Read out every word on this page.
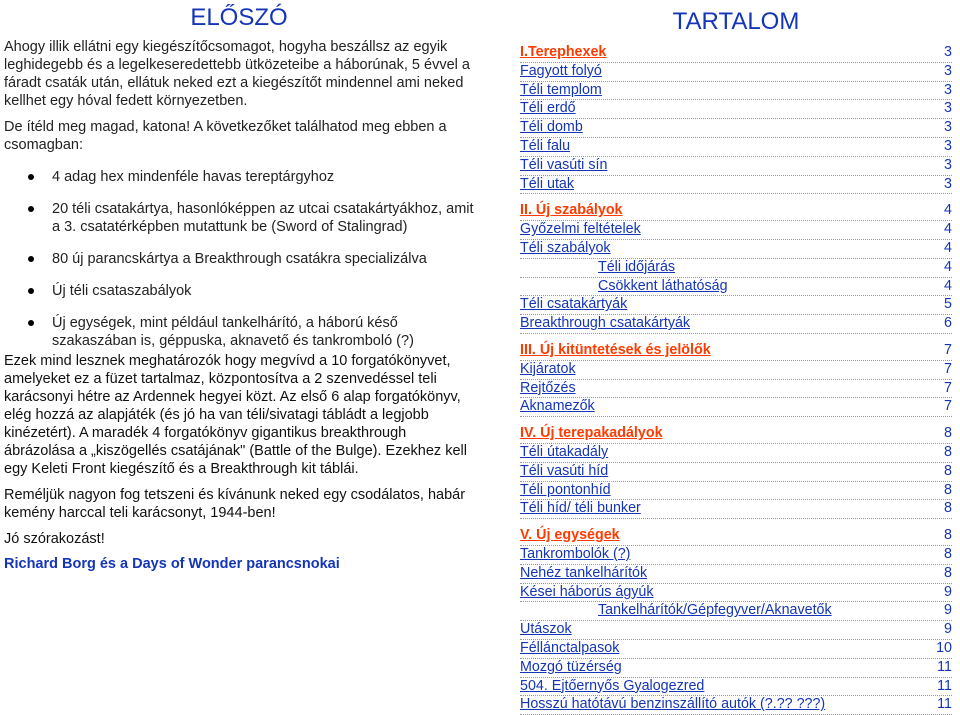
ELŐSZÓ

Ahogy illik ellátni egy kiegészítőcsomagot, hogyha beszállsz az egyik leghidegebb és a legelkeseredettebb ütközeteibe a háborúnak, 5 évvel a fáradt csaták után, ellátuk neked ezt a kiegészítőt mindennel ami neked kellhet egy hóval fedett környezetben.

De ítéld meg magad, katona! A következőket találhatod meg ebben a csomagban:

4 adag hex mindenféle havas tereptárgyhoz
20 téli csatakártya, hasonlóképpen az utcai csatakártyákhoz, amit a 3. csatatérképben mutattunk be (Sword of Stalingrad)
80 új parancskártya a Breakthrough csatákra specializálva
Új téli csataszabályok
Új egységek, mint például tankelhárító, a háború késő szakaszában is, géppuska, aknavető és tankromboló (?)

Ezek mind lesznek meghatározók hogy megvívd a 10 forgatókönyvet, amelyeket ez a füzet tartalmaz, központosítva a 2 szenvedéssel teli karácsonyi hétre az Ardennek hegyei közt. Az első 6 alap forgatókönyv, elég hozzá az alapjáték (és jó ha van téli/sivatagi tábládt a legjobb kinézetért). A maradék 4 forgatókönyv gigantikus breakthrough ábrázolása a „kiszögellés csatájának" (Battle of the Bulge). Ezekhez kell egy Keleti Front kiegészítő és a Breakthrough kit táblái.

Reméljük nagyon fog tetszeni és kívánunk neked egy csodálatos, habár kemény harccal teli karácsonyt, 1944-ben!

Jó szórakozást!

Richard Borg és a Days of Wonder parancsnokai
TARTALOM
I.Terephexek	3
Fagyott folyó	3
Téli templom	3
Téli erdő	3
Téli domb	3
Téli falu	3
Téli vasúti sín	3
Téli utak	3
II. Új szabályok	4
Győzelmi feltételek	4
Téli szabályok	4
Téli időjárás	4
Csökkent láthatóság	4
Téli csatakártyák	5
Breakthrough csatakártyák	6
III. Új kitüntetések és jelölők	7
Kijáratok	7
Rejtőzés	7
Aknamezők	7
IV. Új terepakadályok	8
Téli útakadály	8
Téli vasúti híd	8
Téli pontonhíd	8
Téli híd/ téli bunker	8
V. Új egységek	8
Tankrombolók (?)	8
Nehéz tankelhárítók	8
Kései háborús ágyúk	9
Tankelhárítók/Gépfegyver/Aknavetők	9
Utászok	9
Féllánctalpasok	10
Mozgó tüzérség	11
504. Ejtőernyős Gyalogezred	11
Hosszú hatótávú benzinszállító autók (?.?? ???)	11
